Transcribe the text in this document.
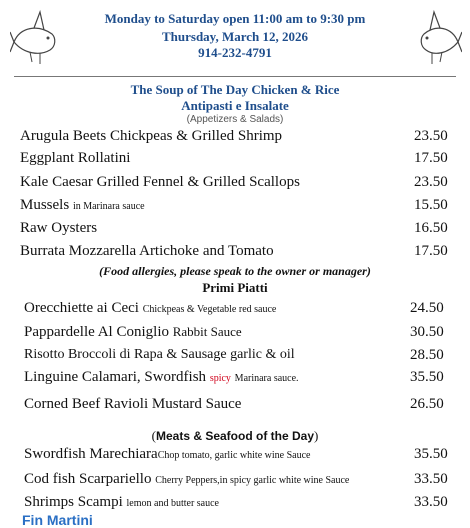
Monday to Saturday open 11:00 am to 9:30 pm
Thursday, March 12, 2026
914-232-4791
The Soup of The Day Chicken & Rice
Antipasti e Insalate
(Appetizers & Salads)
Arugula Beets Chickpeas & Grilled Shrimp	23.50
Eggplant Rollatini	17.50
Kale Caesar Grilled Fennel & Grilled Scallops	23.50
Mussels in Marinara sauce	15.50
Raw Oysters	16.50
Burrata Mozzarella Artichoke and Tomato	17.50
(Food allergies, please speak to the owner or manager)
Primi Piatti
Orecchiette ai Ceci Chickpeas & Vegetable red sauce	24.50
Pappardelle Al Coniglio Rabbit Sauce	30.50
Risotto Broccoli di Rapa & Sausage garlic & oil	28.50
Linguine Calamari, Swordfish spicy Marinara sauce.	35.50
Corned Beef Ravioli Mustard Sauce	26.50
(Meats & Seafood of the Day)
Swordfish MarechiaraChop tomato, garlic white wine Sauce	35.50
Cod fish Scarpariello Cherry Peppers,in spicy garlic white wine Sauce	33.50
Shrimps Scampi lemon and butter sauce	33.50
Fin Martini
